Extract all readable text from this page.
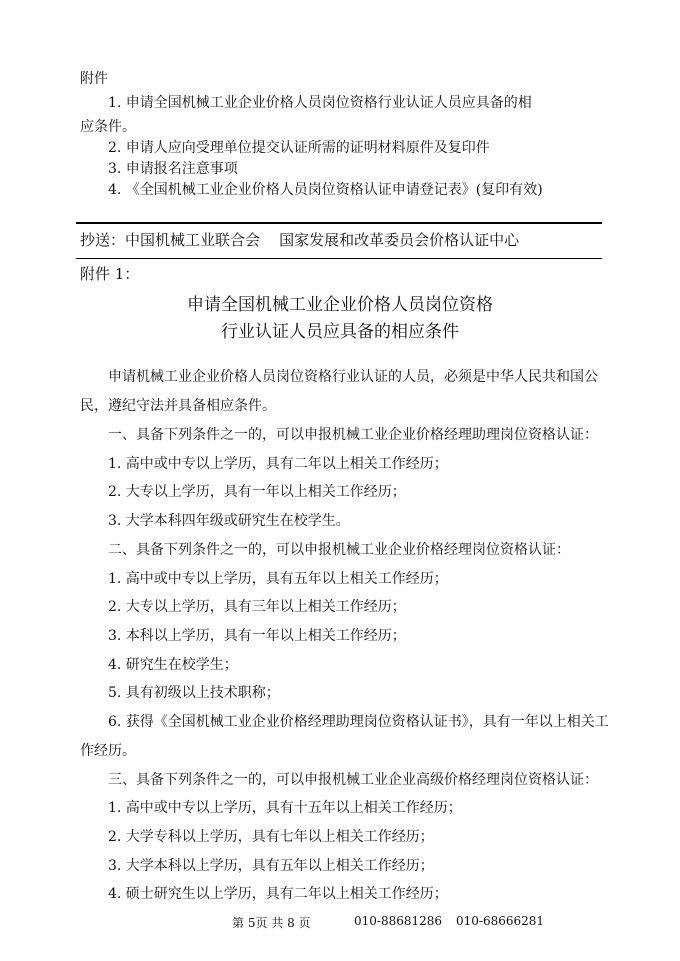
附件
1. 申请全国机械工业企业价格人员岗位资格行业认证人员应具备的相
应条件。
2. 申请人应向受理单位提交认证所需的证明材料原件及复印件
3. 申请报名注意事项
4. 《全国机械工业企业价格人员岗位资格认证申请登记表》(复印有效)
抄送：中国机械工业联合会    国家发展和改革委员会价格认证中心
附件 1：
申请全国机械工业企业价格人员岗位资格
行业认证人员应具备的相应条件
申请机械工业企业价格人员岗位资格行业认证的人员，必须是中华人民共和国公
民，遵纪守法并具备相应条件。
一、具备下列条件之一的，可以申报机械工业企业价格经理助理岗位资格认证：
1. 高中或中专以上学历，具有二年以上相关工作经历；
2. 大专以上学历，具有一年以上相关工作经历；
3. 大学本科四年级或研究生在校学生。
二、具备下列条件之一的，可以申报机械工业企业价格经理岗位资格认证：
1. 高中或中专以上学历，具有五年以上相关工作经历；
2. 大专以上学历，具有三年以上相关工作经历；
3. 本科以上学历，具有一年以上相关工作经历；
4. 研究生在校学生；
5. 具有初级以上技术职称；
6. 获得《全国机械工业企业价格经理助理岗位资格认证书》，具有一年以上相关工
作经历。
三、具备下列条件之一的，可以申报机械工业企业高级价格经理岗位资格认证：
1. 高中或中专以上学历，具有十五年以上相关工作经历；
2. 大学专科以上学历，具有七年以上相关工作经历；
3. 大学本科以上学历，具有五年以上相关工作经历；
4. 硕士研究生以上学历，具有二年以上相关工作经历；
第 5页 共 8 页	010-88681286 010-68666281
